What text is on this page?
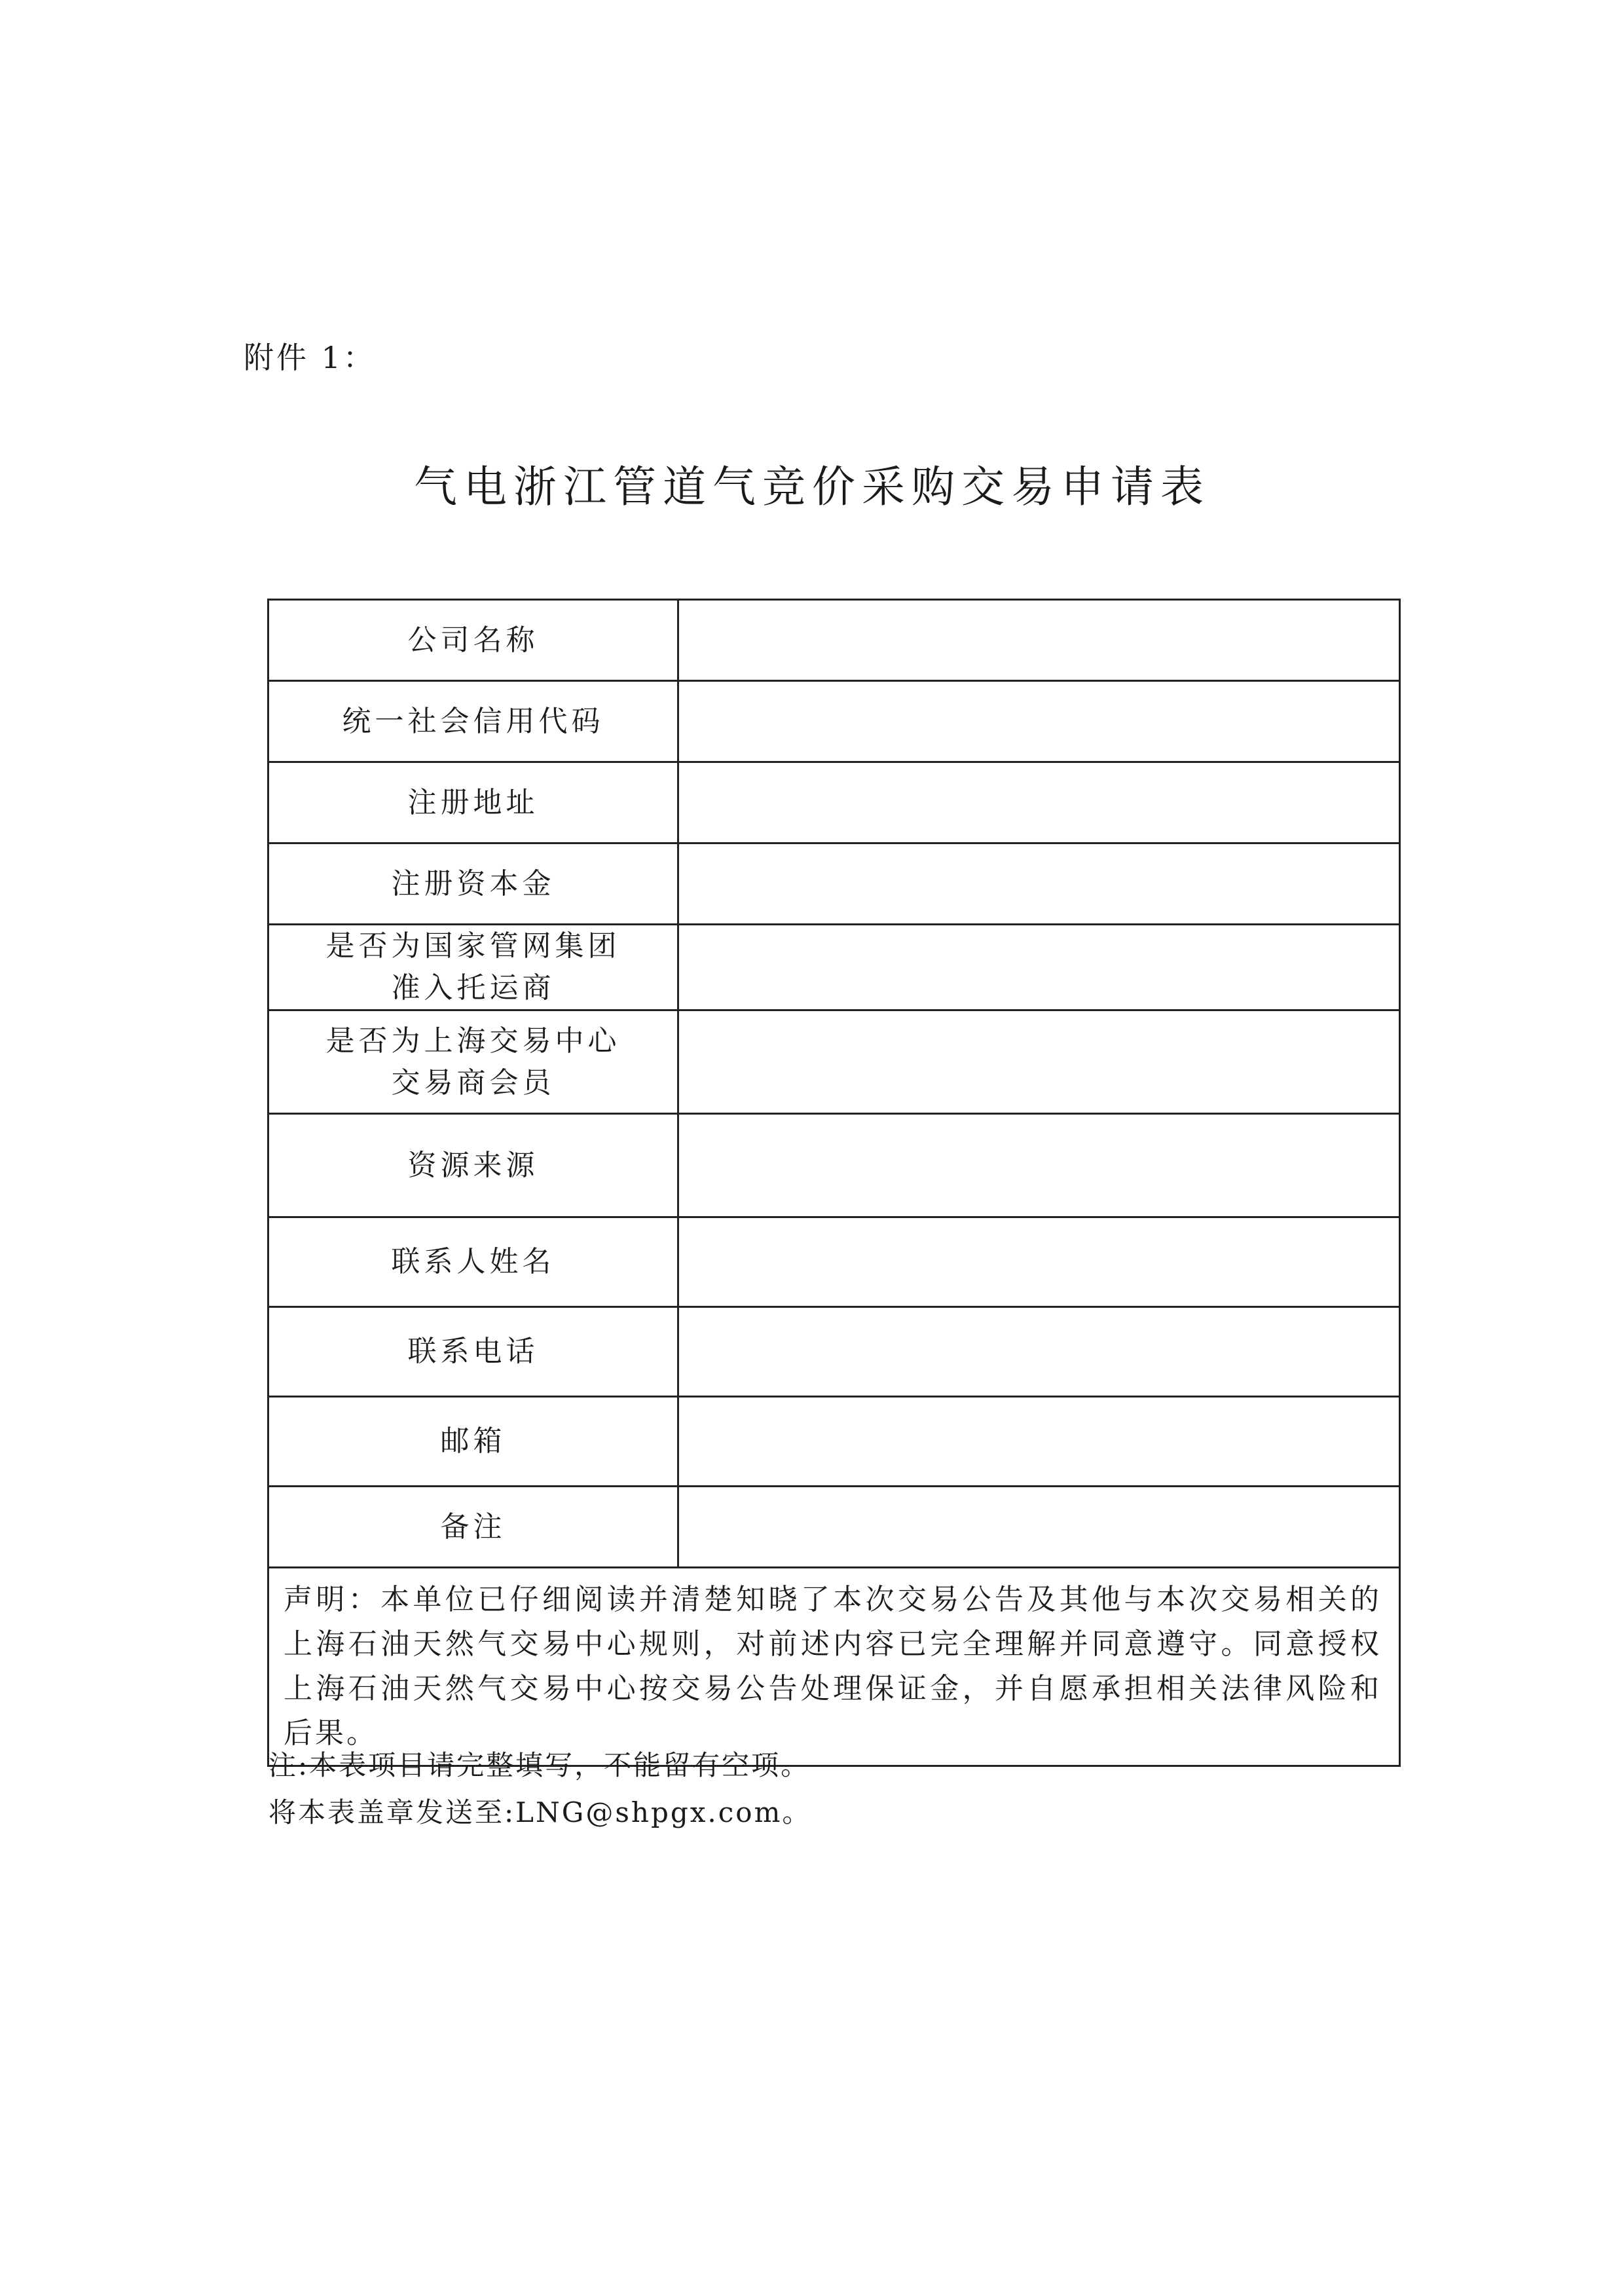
附件 1：
气电浙江管道气竞价采购交易申请表
公司名称	
统一社会信用代码	
注册地址	
注册资本金	

是否为国家管网集团
准入托运商	

是否为上海交易中心
交易商会员	

资源来源	
联系人姓名	
联系电话	
邮箱	
备注	
声明：本单位已仔细阅读并清楚知晓了本次交易公告及其他与本次交易相关的上海石油天然气交易中心规则，对前述内容已完全理解并同意遵守。同意授权上海石油天然气交易中心按交易公告处理保证金，并自愿承担相关法律风险和后果。	
注:本表项目请完整填写，不能留有空项。
将本表盖章发送至:LNG@shpgx.com。
